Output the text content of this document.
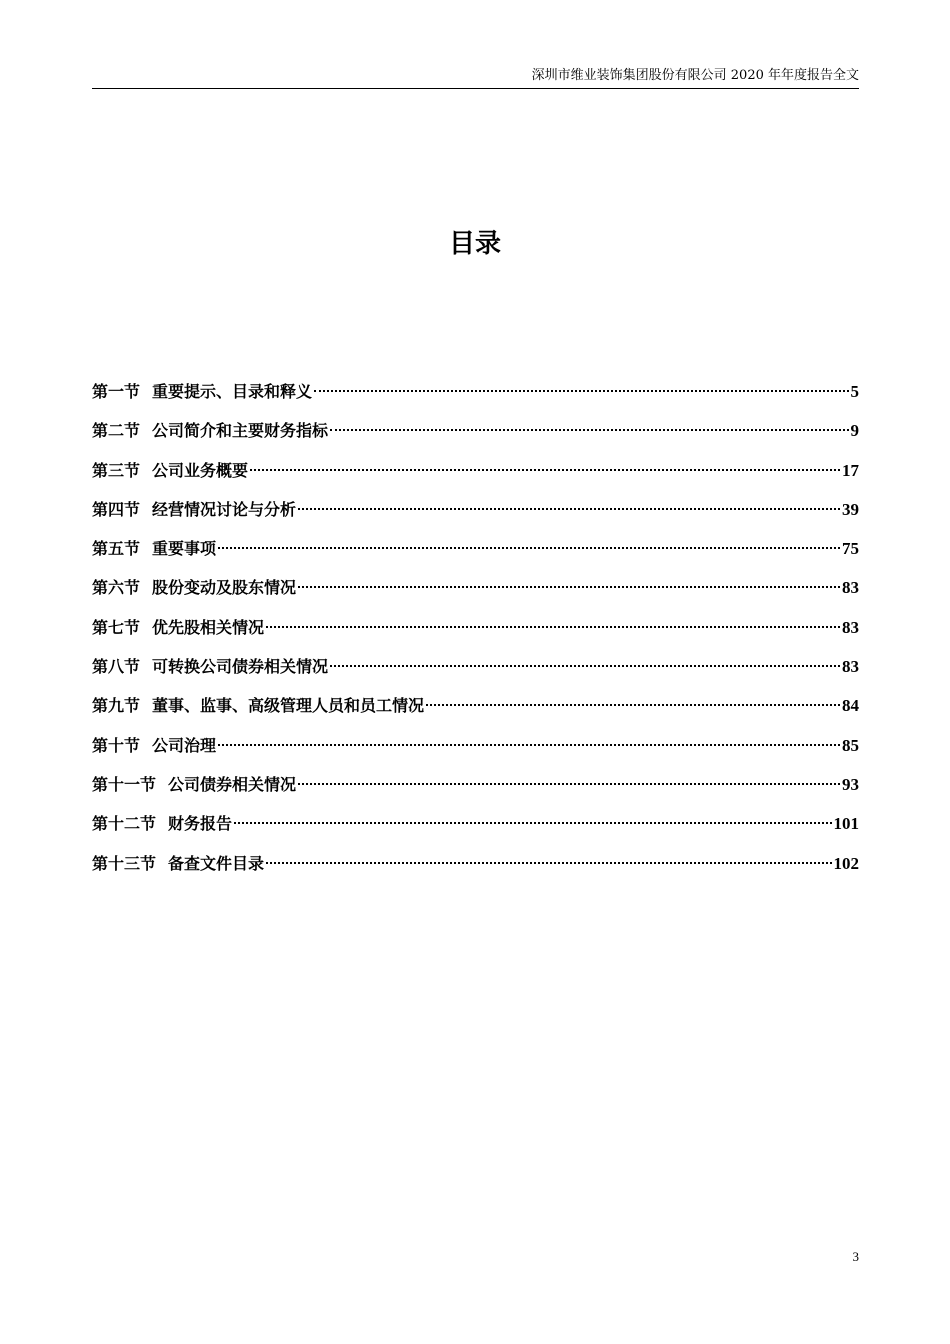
深圳市维业装饰集团股份有限公司 2020 年年度报告全文
目录
第一节 重要提示、目录和释义	5
第二节 公司简介和主要财务指标	9
第三节 公司业务概要	17
第四节 经营情况讨论与分析	39
第五节 重要事项	75
第六节 股份变动及股东情况	83
第七节 优先股相关情况	83
第八节 可转换公司债券相关情况	83
第九节 董事、监事、高级管理人员和员工情况	84
第十节 公司治理	85
第十一节 公司债券相关情况	93
第十二节 财务报告	101
第十三节 备查文件目录	102
3
